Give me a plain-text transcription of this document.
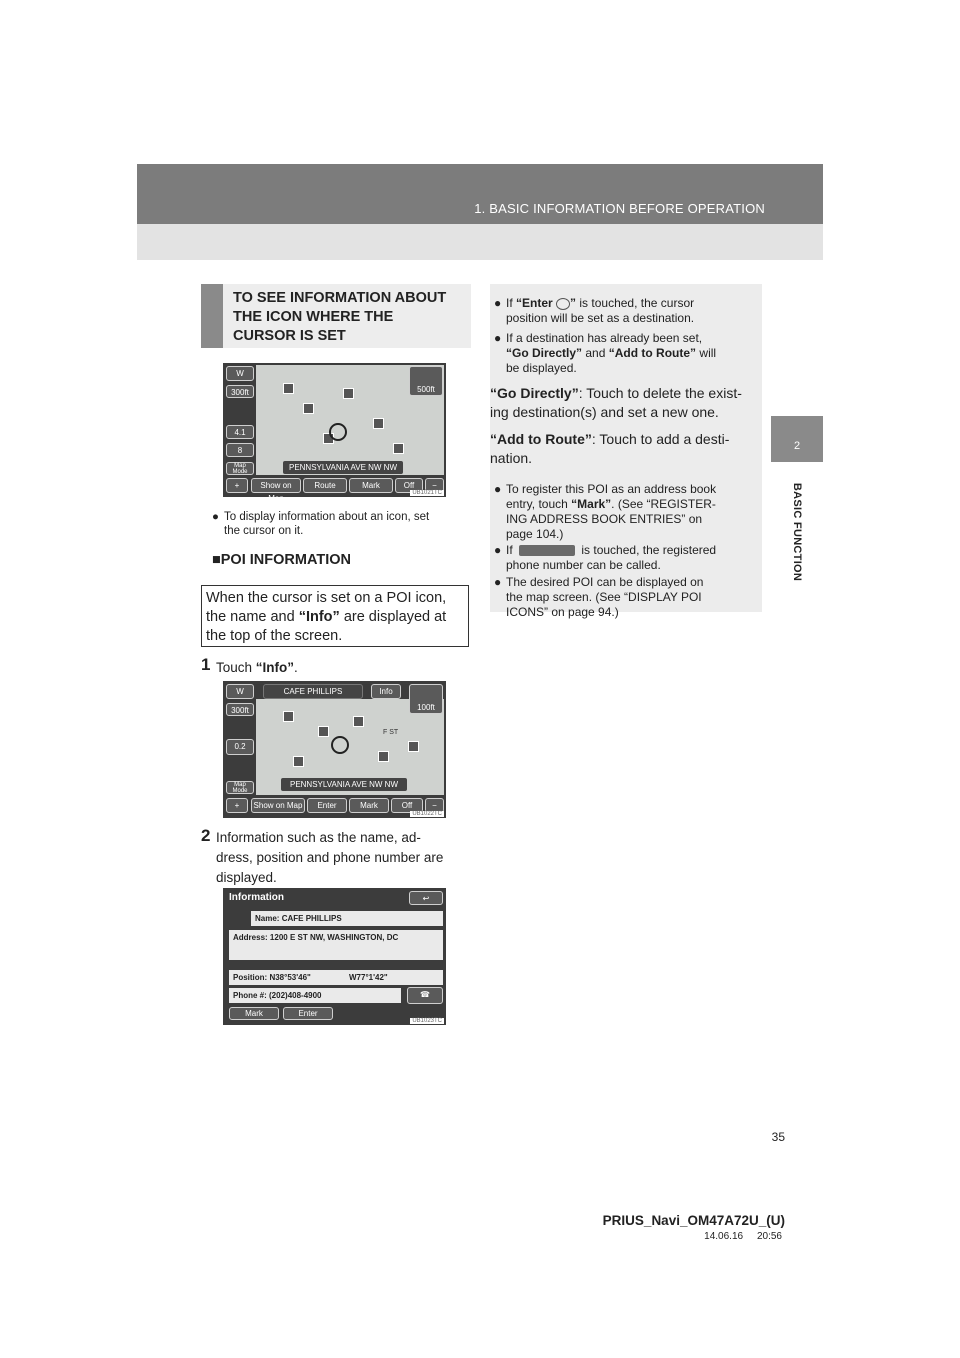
1. BASIC INFORMATION BEFORE OPERATION
2
BASIC FUNCTION
TO SEE INFORMATION ABOUT
THE ICON WHERE THE
CURSOR IS SET
W
300ft
4.1
8
Map Mode
500ft
PENNSYLVANIA AVE NW NW
+	Show on Map
Route	Mark	Off	−
UB1021TC
● To display information about an icon, set
the cursor on it.
■POI INFORMATION
When the cursor is set on a POI icon,
the name and “Info” are displayed at
the top of the screen.
1 Touch “Info”.
W	CAFE PHILLIPS	Info
100ft
300ft
0.2
Map Mode
F ST
PENNSYLVANIA AVE NW NW
+	Show on Map	Enter	Mark	Off	−
UB1022TC
2 Information such as the name, ad-
dress, position and phone number are
displayed.
Information	↩
Name: CAFE PHILLIPS
Address: 1200 E ST NW, WASHINGTON, DC
Position: N38°53'46"	W77°1'42"
Phone #: (202)408-4900	☎
Mark	Enter
UB1023TC
● If “Enter ” is touched, the cursor
position will be set as a destination.
● If a destination has already been set,
“Go Directly” and “Add to Route” will
be displayed.
“Go Directly”: Touch to delete the exist-
ing destination(s) and set a new one.
“Add to Route”: Touch to add a desti-
nation.
● To register this POI as an address book
entry, touch “Mark”. (See “REGISTER-
ING ADDRESS BOOK ENTRIES” on
page 104.)
● If	is touched, the registered
phone number can be called.
● The desired POI can be displayed on
the map screen. (See “DISPLAY POI
ICONS” on page 94.)
35
PRIUS_Navi_OM47A72U_(U)
14.06.16     20:56
